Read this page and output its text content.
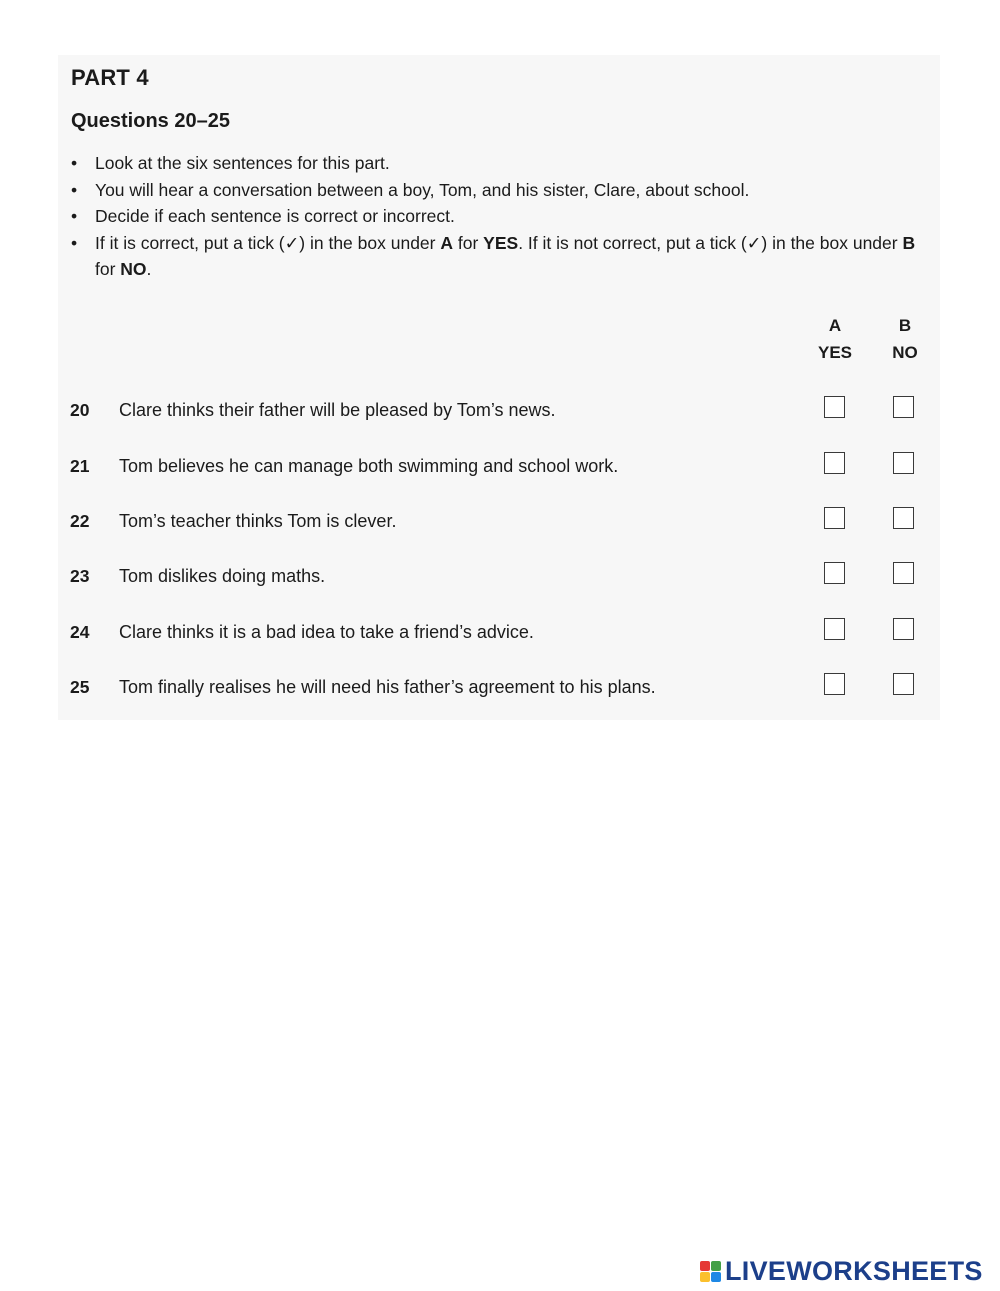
PART 4
Questions 20–25
• Look at the six sentences for this part.
• You will hear a conversation between a boy, Tom, and his sister, Clare, about school.
• Decide if each sentence is correct or incorrect.
• If it is correct, put a tick (✓) in the box under A for YES. If it is not correct, put a tick (✓) in the box under B for NO.
A
YES
B
NO
20 Clare thinks their father will be pleased by Tom’s news.
21 Tom believes he can manage both swimming and school work.
22 Tom’s teacher thinks Tom is clever.
23 Tom dislikes doing maths.
24 Clare thinks it is a bad idea to take a friend’s advice.
25 Tom finally realises he will need his father’s agreement to his plans.
LIVEWORKSHEETS
